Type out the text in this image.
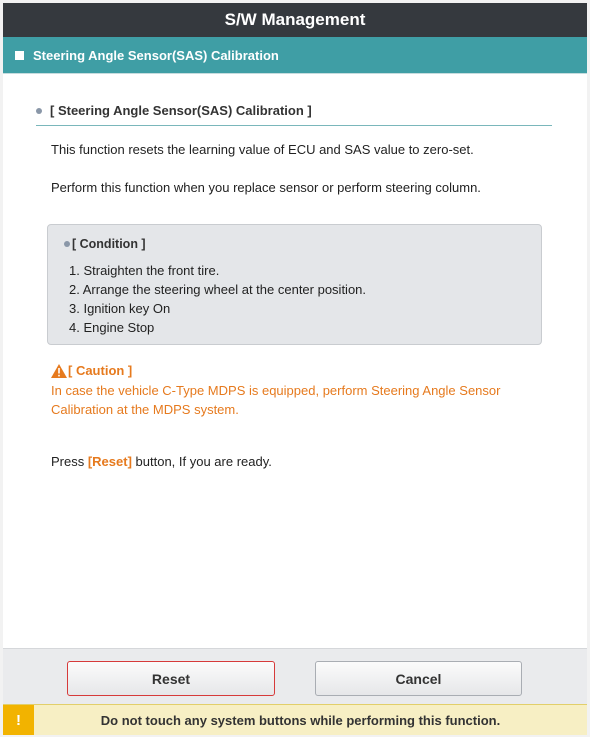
S/W Management
Steering Angle Sensor(SAS) Calibration
[ Steering Angle Sensor(SAS) Calibration ]
This function resets the learning value of ECU and SAS value to zero-set.
Perform this function when you replace sensor or perform steering column.
[ Condition ]
1. Straighten the front tire.
2. Arrange the steering wheel at the center position.
3. Ignition key On
4. Engine Stop
[ Caution ]
In case the vehicle C-Type MDPS is equipped, perform Steering Angle Sensor Calibration at the MDPS system.
Press [Reset] button, If you are ready.
Reset	Cancel
!	Do not touch any system buttons while performing this function.
